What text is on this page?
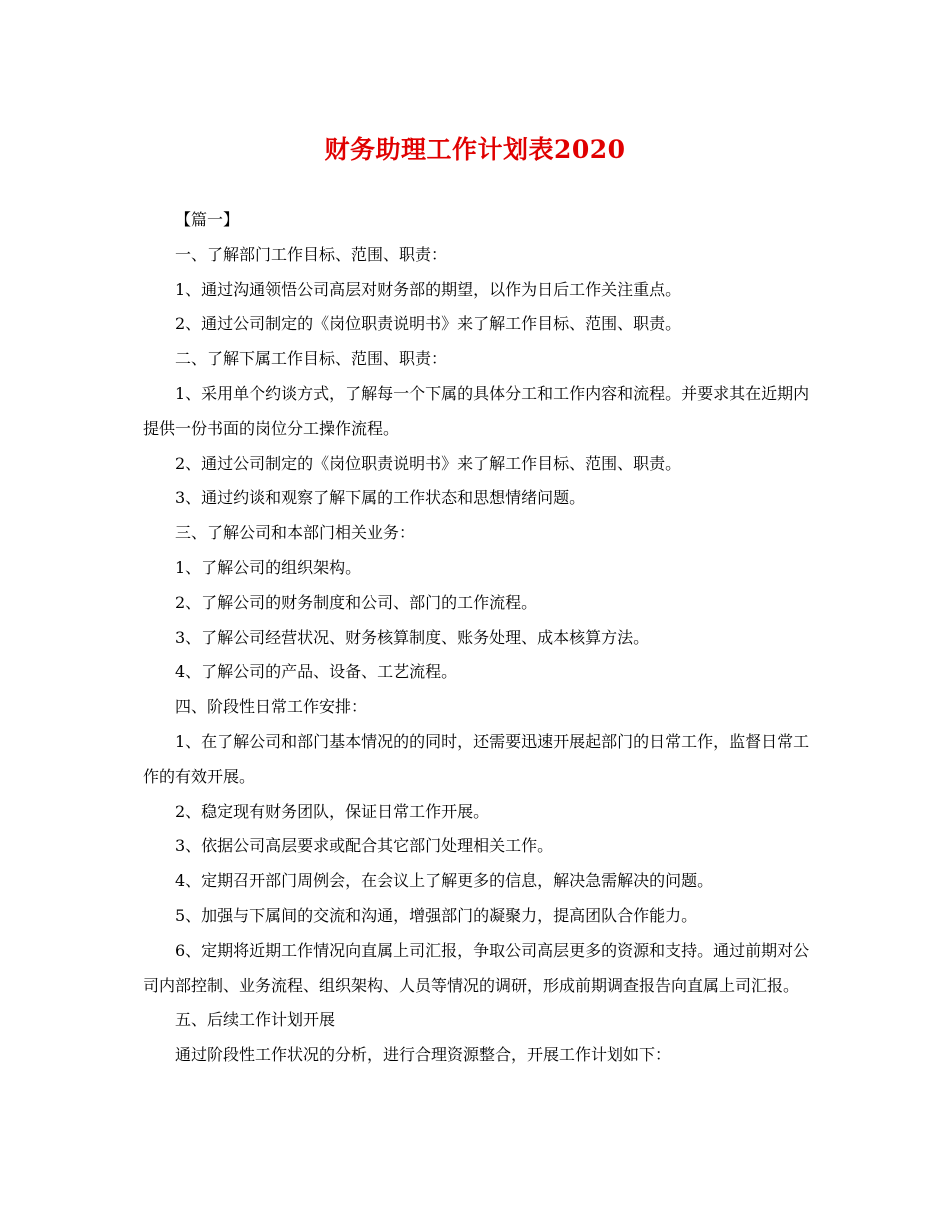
财务助理工作计划表2020

【篇一】

一、了解部门工作目标、范围、职责：

1、通过沟通领悟公司高层对财务部的期望，以作为日后工作关注重点。

2、通过公司制定的《岗位职责说明书》来了解工作目标、范围、职责。

二、了解下属工作目标、范围、职责：

1、采用单个约谈方式，了解每一个下属的具体分工和工作内容和流程。并要求其在近期内提供一份书面的岗位分工操作流程。

2、通过公司制定的《岗位职责说明书》来了解工作目标、范围、职责。

3、通过约谈和观察了解下属的工作状态和思想情绪问题。

三、了解公司和本部门相关业务：

1、了解公司的组织架构。

2、了解公司的财务制度和公司、部门的工作流程。

3、了解公司经营状况、财务核算制度、账务处理、成本核算方法。

4、了解公司的产品、设备、工艺流程。

四、阶段性日常工作安排：

1、在了解公司和部门基本情况的的同时，还需要迅速开展起部门的日常工作，监督日常工作的有效开展。

2、稳定现有财务团队，保证日常工作开展。

3、依据公司高层要求或配合其它部门处理相关工作。

4、定期召开部门周例会，在会议上了解更多的信息，解决急需解决的问题。

5、加强与下属间的交流和沟通，增强部门的凝聚力，提高团队合作能力。

6、定期将近期工作情况向直属上司汇报，争取公司高层更多的资源和支持。通过前期对公司内部控制、业务流程、组织架构、人员等情况的调研，形成前期调查报告向直属上司汇报。

五、后续工作计划开展

通过阶段性工作状况的分析，进行合理资源整合，开展工作计划如下：
